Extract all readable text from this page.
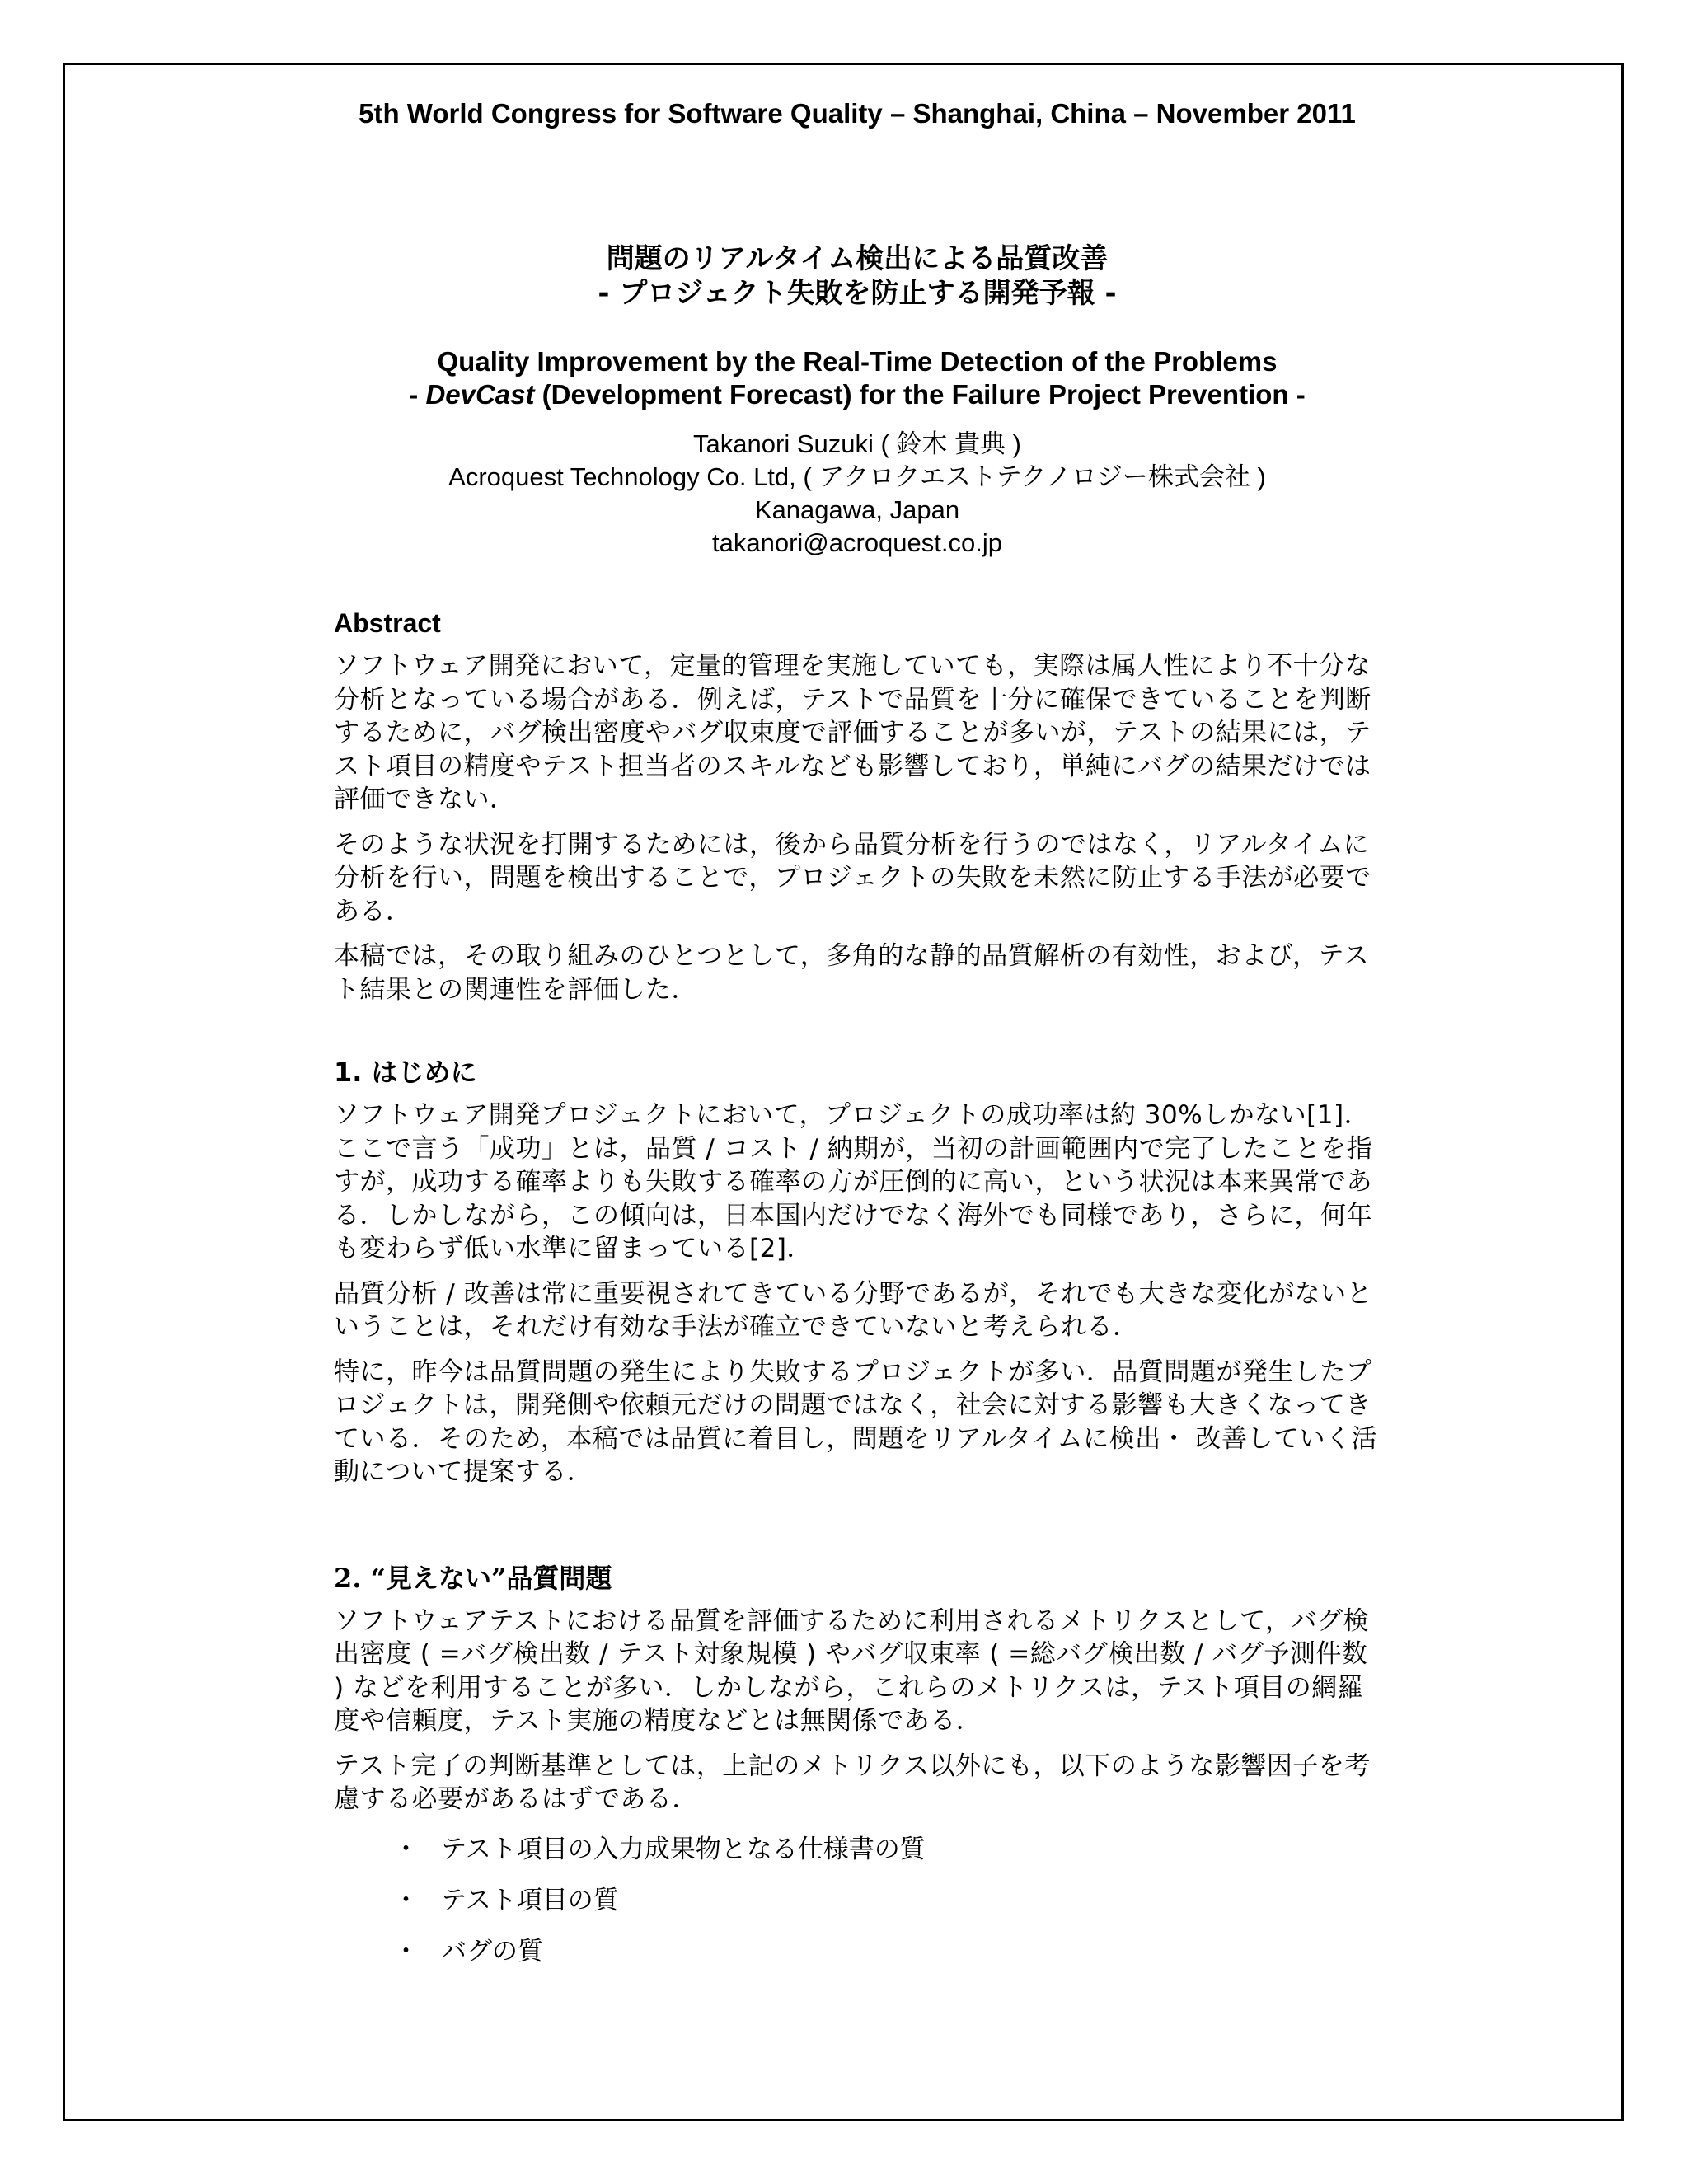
5th World Congress for Software Quality – Shanghai, China – November 2011

問題のリアルタイム検出による品質改善

- プロジェクト失敗を防止する開発予報 -

Quality Improvement by the Real-Time Detection of the Problems

- DevCast (Development Forecast) for the Failure Project Prevention -

Takanori Suzuki ( 鈴木 貴典 )
Acroquest Technology Co. Ltd, ( アクロクエストテクノロジー株式会社 )
Kanagawa, Japan
takanori@acroquest.co.jp

Abstract

ソフトウェア開発において，定量的管理を実施していても，実際は属人性により不十分な分析となっている場合がある．例えば，テストで品質を十分に確保できていることを判断するために，バグ検出密度やバグ収束度で評価することが多いが，テストの結果には，テスト項目の精度やテスト担当者のスキルなども影響しており，単純にバグの結果だけでは評価できない．

そのような状況を打開するためには，後から品質分析を行うのではなく，リアルタイムに分析を行い，問題を検出することで，プロジェクトの失敗を未然に防止する手法が必要である．

本稿では，その取り組みのひとつとして，多角的な静的品質解析の有効性，および，テスト結果との関連性を評価した．

1. はじめに

ソフトウェア開発プロジェクトにおいて，プロジェクトの成功率は約 30%しかない[1]．ここで言う「成功」とは，品質 / コスト / 納期が，当初の計画範囲内で完了したことを指すが，成功する確率よりも失敗する確率の方が圧倒的に高い，という状況は本来異常である．しかしながら，この傾向は，日本国内だけでなく海外でも同様であり，さらに，何年も変わらず低い水準に留まっている[2]．

品質分析 / 改善は常に重要視されてきている分野であるが，それでも大きな変化がないということは，それだけ有効な手法が確立できていないと考えられる．

特に，昨今は品質問題の発生により失敗するプロジェクトが多い．品質問題が発生したプロジェクトは，開発側や依頼元だけの問題ではなく，社会に対する影響も大きくなってきている．そのため，本稿では品質に着目し，問題をリアルタイムに検出・ 改善していく活動について提案する．

2. “見えない”品質問題

ソフトウェアテストにおける品質を評価するために利用されるメトリクスとして，バグ検出密度 ( =バグ検出数 / テスト対象規模 ) やバグ収束率 ( =総バグ検出数 / バグ予測件数 ) などを利用することが多い．しかしながら，これらのメトリクスは，テスト項目の網羅度や信頼度，テスト実施の精度などとは無関係である．

テスト完了の判断基準としては，上記のメトリクス以外にも，以下のような影響因子を考慮する必要があるはずである．

・ テスト項目の入力成果物となる仕様書の質
・ テスト項目の質
・ バグの質
